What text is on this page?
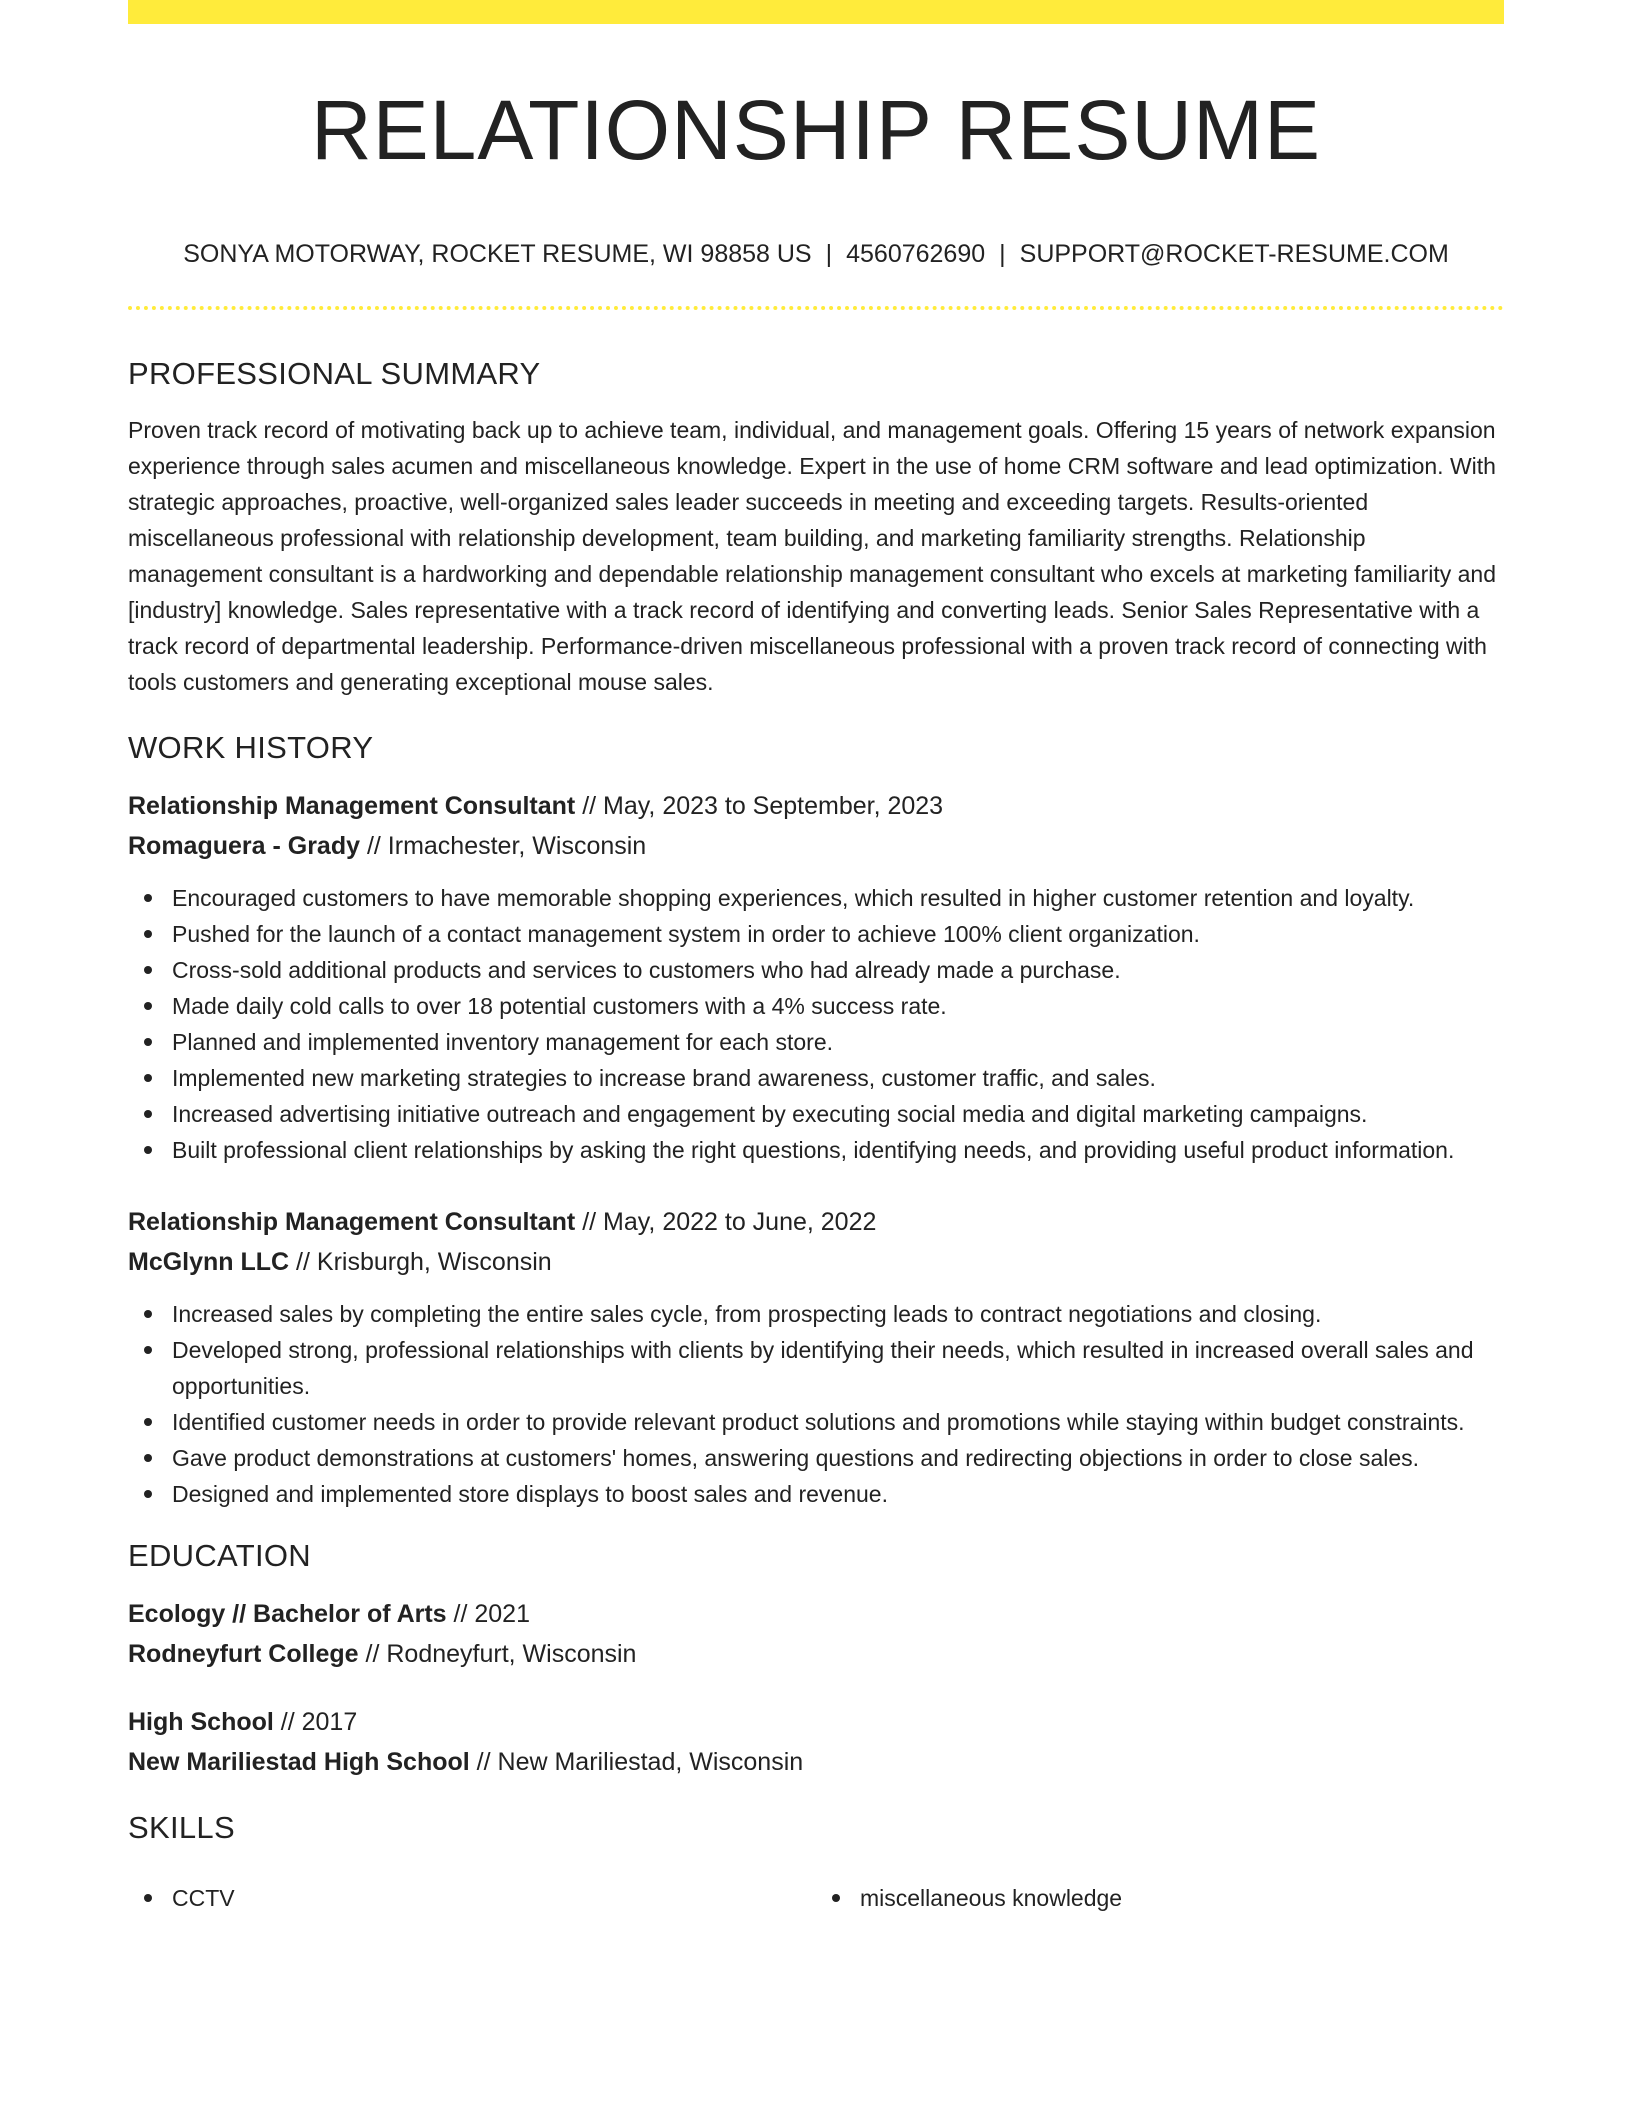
RELATIONSHIP RESUME
SONYA MOTORWAY, ROCKET RESUME, WI 98858 US | 4560762690 | SUPPORT@ROCKET-RESUME.COM
PROFESSIONAL SUMMARY

Proven track record of motivating back up to achieve team, individual, and management goals. Offering 15 years of network expansion experience through sales acumen and miscellaneous knowledge. Expert in the use of home CRM software and lead optimization. With strategic approaches, proactive, well-organized sales leader succeeds in meeting and exceeding targets. Results-oriented miscellaneous professional with relationship development, team building, and marketing familiarity strengths. Relationship management consultant is a hardworking and dependable relationship management consultant who excels at marketing familiarity and [industry] knowledge. Sales representative with a track record of identifying and converting leads. Senior Sales Representative with a track record of departmental leadership. Performance-driven miscellaneous professional with a proven track record of connecting with tools customers and generating exceptional mouse sales.

WORK HISTORY
Relationship Management Consultant // May, 2023 to September, 2023
Romaguera - Grady // Irmachester, Wisconsin
Encouraged customers to have memorable shopping experiences, which resulted in higher customer retention and loyalty.
Pushed for the launch of a contact management system in order to achieve 100% client organization.
Cross-sold additional products and services to customers who had already made a purchase.
Made daily cold calls to over 18 potential customers with a 4% success rate.
Planned and implemented inventory management for each store.
Implemented new marketing strategies to increase brand awareness, customer traffic, and sales.
Increased advertising initiative outreach and engagement by executing social media and digital marketing campaigns.
Built professional client relationships by asking the right questions, identifying needs, and providing useful product information.
Relationship Management Consultant // May, 2022 to June, 2022
McGlynn LLC // Krisburgh, Wisconsin
Increased sales by completing the entire sales cycle, from prospecting leads to contract negotiations and closing.
Developed strong, professional relationships with clients by identifying their needs, which resulted in increased overall sales and opportunities.
Identified customer needs in order to provide relevant product solutions and promotions while staying within budget constraints.
Gave product demonstrations at customers' homes, answering questions and redirecting objections in order to close sales.
Designed and implemented store displays to boost sales and revenue.
EDUCATION
Ecology // Bachelor of Arts // 2021
Rodneyfurt College // Rodneyfurt, Wisconsin
High School // 2017
New Mariliestad High School // New Mariliestad, Wisconsin
SKILLS
CCTV	miscellaneous knowledge
